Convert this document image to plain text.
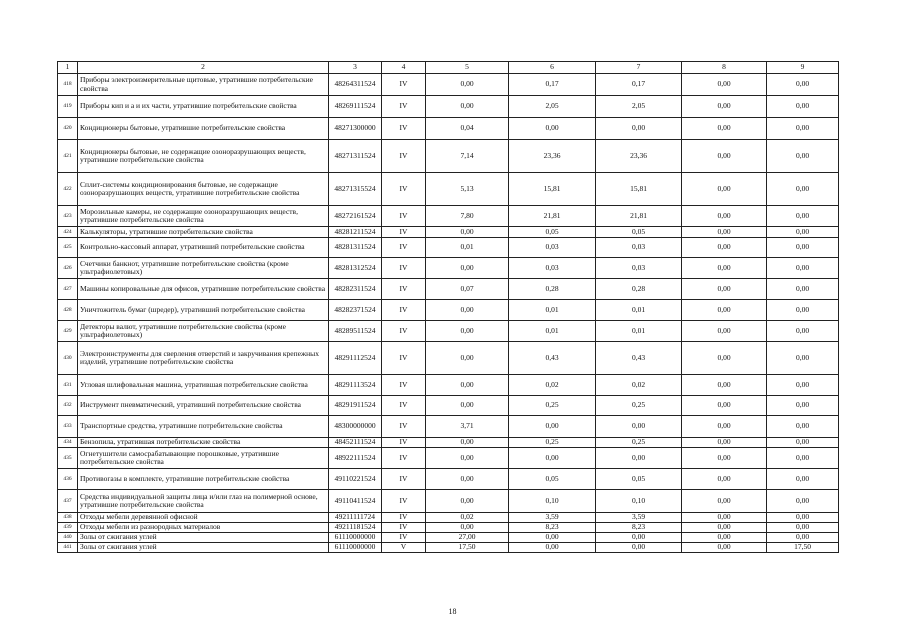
1	2	3	4	5	6	7	8	9
418	Приборы электроизмерительные щитовые, утратившие потребительские свойства	48264311524	IV	0,00	0,17	0,17	0,00	0,00
419	Приборы кип и а и их части, утратившие потребительские свойства	48269111524	IV	0,00	2,05	2,05	0,00	0,00
420	Кондиционеры бытовые, утратившие потребительские свойства	48271300000	IV	0,04	0,00	0,00	0,00	0,00
421	Кондиционеры бытовые, не содержащие озоноразрушающих веществ, утратившие потребительские свойства	48271311524	IV	7,14	23,36	23,36	0,00	0,00
422	Сплит-системы кондиционирования бытовые, не содержащие озоноразрушающих веществ, утратившие потребительские свойства	48271315524	IV	5,13	15,81	15,81	0,00	0,00
423	Морозильные камеры, не содержащие озоноразрушающих веществ, утратившие потребительские свойства	48272161524	IV	7,80	21,81	21,81	0,00	0,00
424	Калькуляторы, утратившие потребительские свойства	48281211524	IV	0,00	0,05	0,05	0,00	0,00
425	Контрольно-кассовый аппарат, утративший потребительские свойства	48281311524	IV	0,01	0,03	0,03	0,00	0,00
426	Счетчики банкнот, утратившие потребительские свойства (кроме ультрафиолетовых)	48281312524	IV	0,00	0,03	0,03	0,00	0,00
427	Машины копировальные для офисов, утратившие потребительские свойства	48282311524	IV	0,07	0,28	0,28	0,00	0,00
428	Уничтожитель бумаг (шредер), утративший потребительские свойства	48282371524	IV	0,00	0,01	0,01	0,00	0,00
429	Детекторы валют, утратившие потребительские свойства (кроме ультрафиолетовых)	48289511524	IV	0,00	0,01	0,01	0,00	0,00
430	Электроинструменты для сверления отверстий и закручивания крепежных изделий, утратившие потребительские свойства	48291112524	IV	0,00	0,43	0,43	0,00	0,00
431	Угловая шлифовальная машина, утратившая потребительские свойства	48291113524	IV	0,00	0,02	0,02	0,00	0,00
432	Инструмент пневматический, утративший потребительские свойства	48291911524	IV	0,00	0,25	0,25	0,00	0,00
433	Транспортные средства, утратившие потребительские свойства	48300000000	IV	3,71	0,00	0,00	0,00	0,00
434	Бензопила, утратившая потребительские свойства	48452111524	IV	0,00	0,25	0,25	0,00	0,00
435	Огнетушители самосрабатывающие порошковые, утратившие потребительские свойства	48922111524	IV	0,00	0,00	0,00	0,00	0,00
436	Противогазы в комплекте, утратившие потребительские свойства	49110221524	IV	0,00	0,05	0,05	0,00	0,00
437	Средства индивидуальной защиты лица и/или глаз на полимерной основе, утратившие потребительские свойства	49110411524	IV	0,00	0,10	0,10	0,00	0,00
438	Отходы мебели деревянной офисной	49211111724	IV	0,02	3,59	3,59	0,00	0,00
439	Отходы мебели из разнородных материалов	49211181524	IV	0,00	8,23	8,23	0,00	0,00
440	Золы от сжигания углей	61110000000	IV	27,00	0,00	0,00	0,00	0,00
441	Золы от сжигания углей	61110000000	V	17,50	0,00	0,00	0,00	17,50
18
